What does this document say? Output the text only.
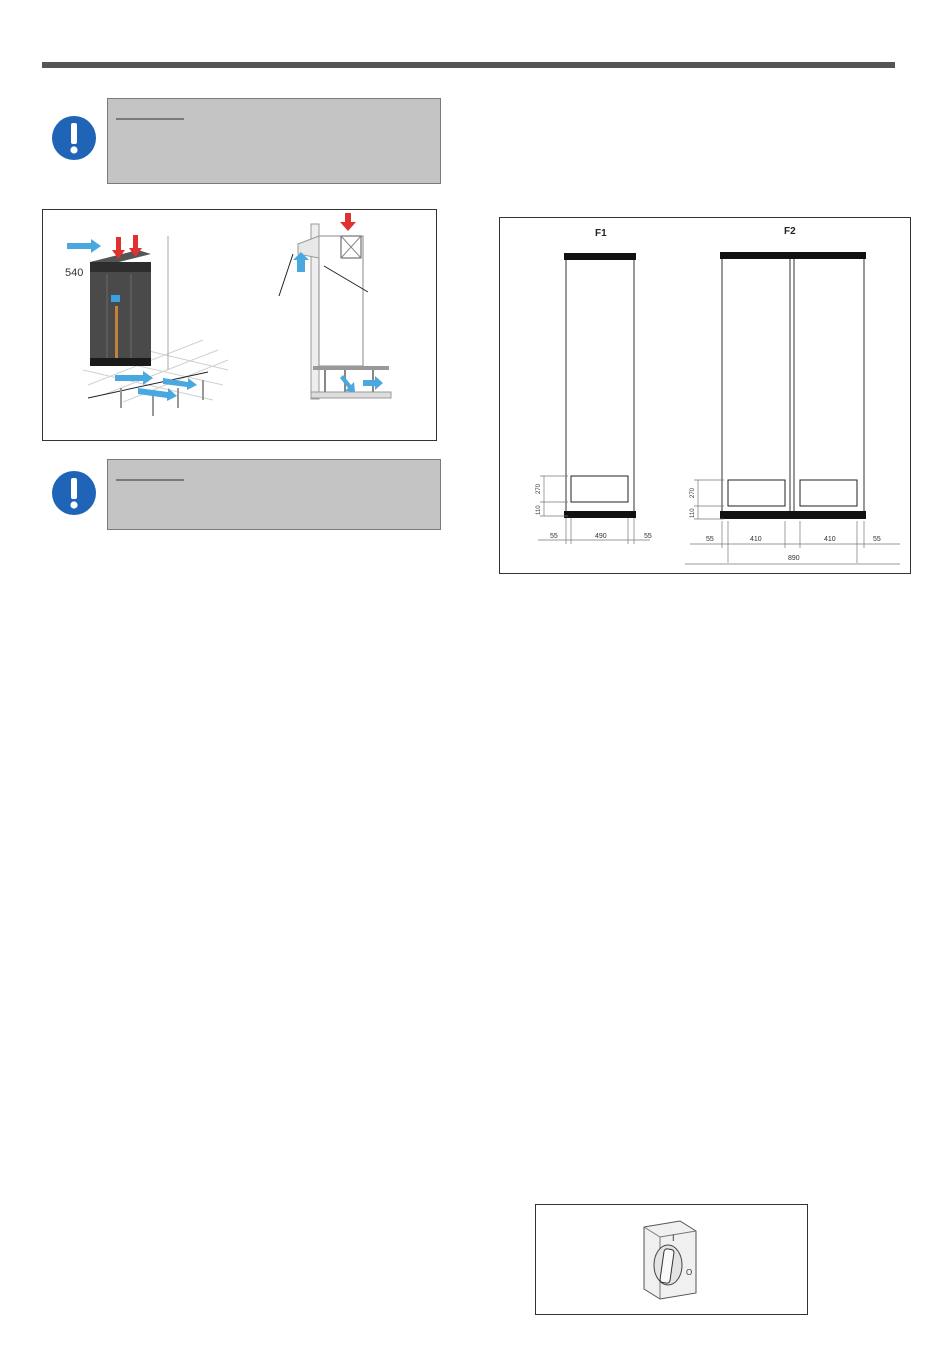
540
F1
270
110
55	490	55
F2
270
110
55	410	410	55
890
I
O
